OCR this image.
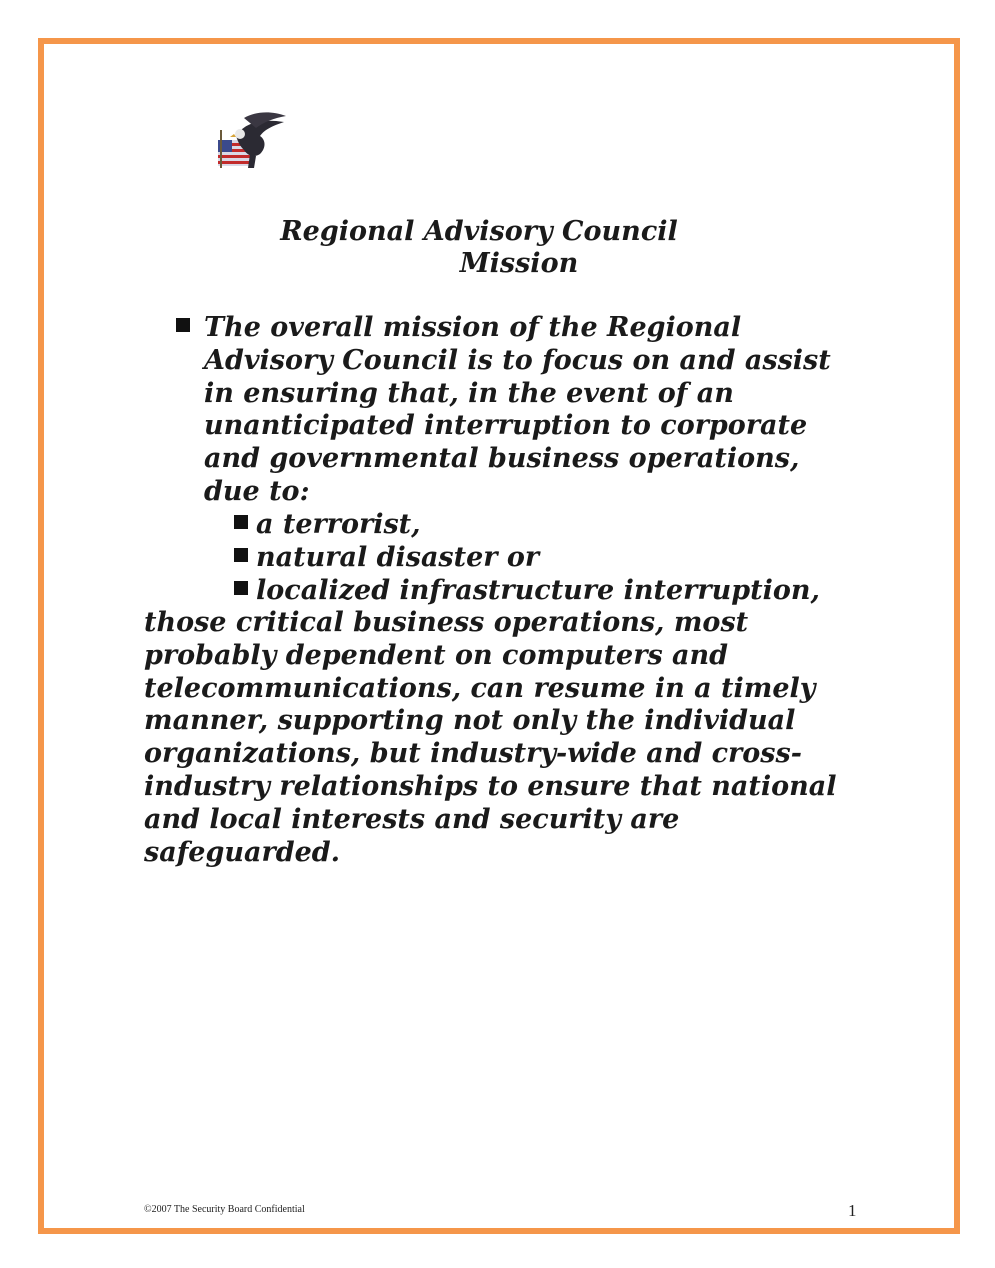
Regional Advisory Council
Mission
The overall mission of the Regional
Advisory Council is to focus on and assist
in ensuring that, in the event of an
unanticipated interruption to corporate
and governmental business operations,
due to:
a terrorist,
natural disaster or
localized infrastructure interruption,
those critical business operations, most
probably dependent on computers and
telecommunications, can resume in a timely
manner, supporting not only the individual
organizations, but industry-wide and cross-
industry relationships to ensure that national
and local interests and security are
safeguarded.
©2007 The Security Board Confidential	1
